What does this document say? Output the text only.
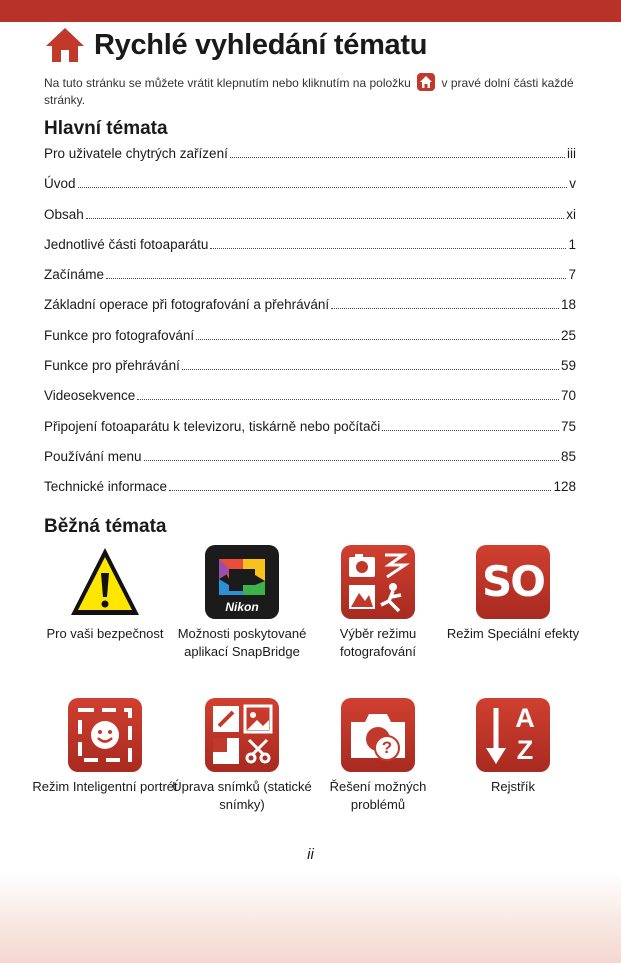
Rychlé vyhledání tématu
Na tuto stránku se můžete vrátit klepnutím nebo kliknutím na položku	v pravé dolní části každé stránky.
Hlavní témata
Pro uživatele chytrých zařízení	iii
Úvod	v
Obsah	xi
Jednotlivé části fotoaparátu	1
Začínáme	7
Základní operace při fotografování a přehrávání	18
Funkce pro fotografování	25
Funkce pro přehrávání	59
Videosekvence	70
Připojení fotoaparátu k televizoru, tiskárně nebo počítači	75
Používání menu	85
Technické informace	128
Běžná témata
Pro vaši bezpečnost
Nikon
Možnosti poskytované aplikací SnapBridge
Výběr režimu fotografování
SO
Režim Speciální efekty
Režim Inteligentní portrét
Úprava snímků (statické snímky)
?
Řešení možných problémů
AZ
Rejstřík
ii
